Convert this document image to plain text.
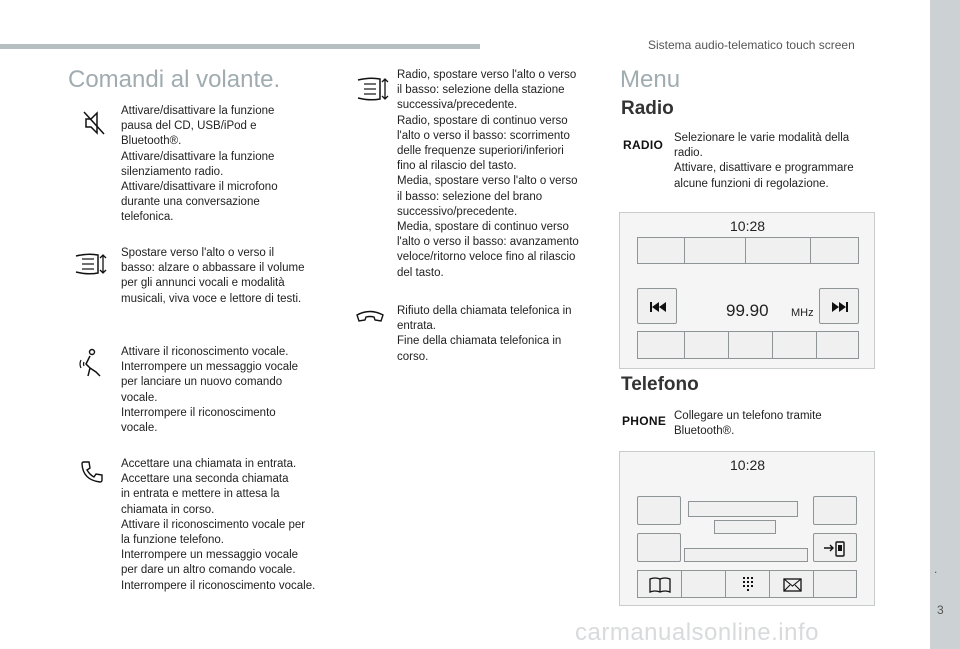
Sistema audio-telematico touch screen
Comandi al volante.
Attivare/disattivare la funzione
pausa del CD, USB/iPod e
Bluetooth®.
Attivare/disattivare la funzione
silenziamento radio.
Attivare/disattivare il microfono
durante una conversazione
telefonica.
Spostare verso l'alto o verso il
basso: alzare o abbassare il volume
per gli annunci vocali e modalità
musicali, viva voce e lettore di testi.
Attivare il riconoscimento vocale.
Interrompere un messaggio vocale
per lanciare un nuovo comando
vocale.
Interrompere il riconoscimento
vocale.
Accettare una chiamata in entrata.
Accettare una seconda chiamata
in entrata e mettere in attesa la
chiamata in corso.
Attivare il riconoscimento vocale per
la funzione telefono.
Interrompere un messaggio vocale
per dare un altro comando vocale.
Interrompere il riconoscimento vocale.
Radio, spostare verso l'alto o verso
il basso: selezione della stazione
successiva/precedente.
Radio, spostare di continuo verso
l'alto o verso il basso: scorrimento
delle frequenze superiori/inferiori
fino al rilascio del tasto.
Media, spostare verso l'alto o verso
il basso: selezione del brano
successivo/precedente.
Media, spostare di continuo verso
l'alto o verso il basso: avanzamento
veloce/ritorno veloce fino al rilascio
del tasto.
Rifiuto della chiamata telefonica in
entrata.
Fine della chiamata telefonica in
corso.
Menu
Radio
RADIO Selezionare le varie modalità della
radio.
Attivare, disattivare e programmare
alcune funzioni di regolazione.
10:28
99.90 MHz
Telefono
PHONE Collegare un telefono tramite
Bluetooth®.
10:28
.
3
carmanualsonline.info
